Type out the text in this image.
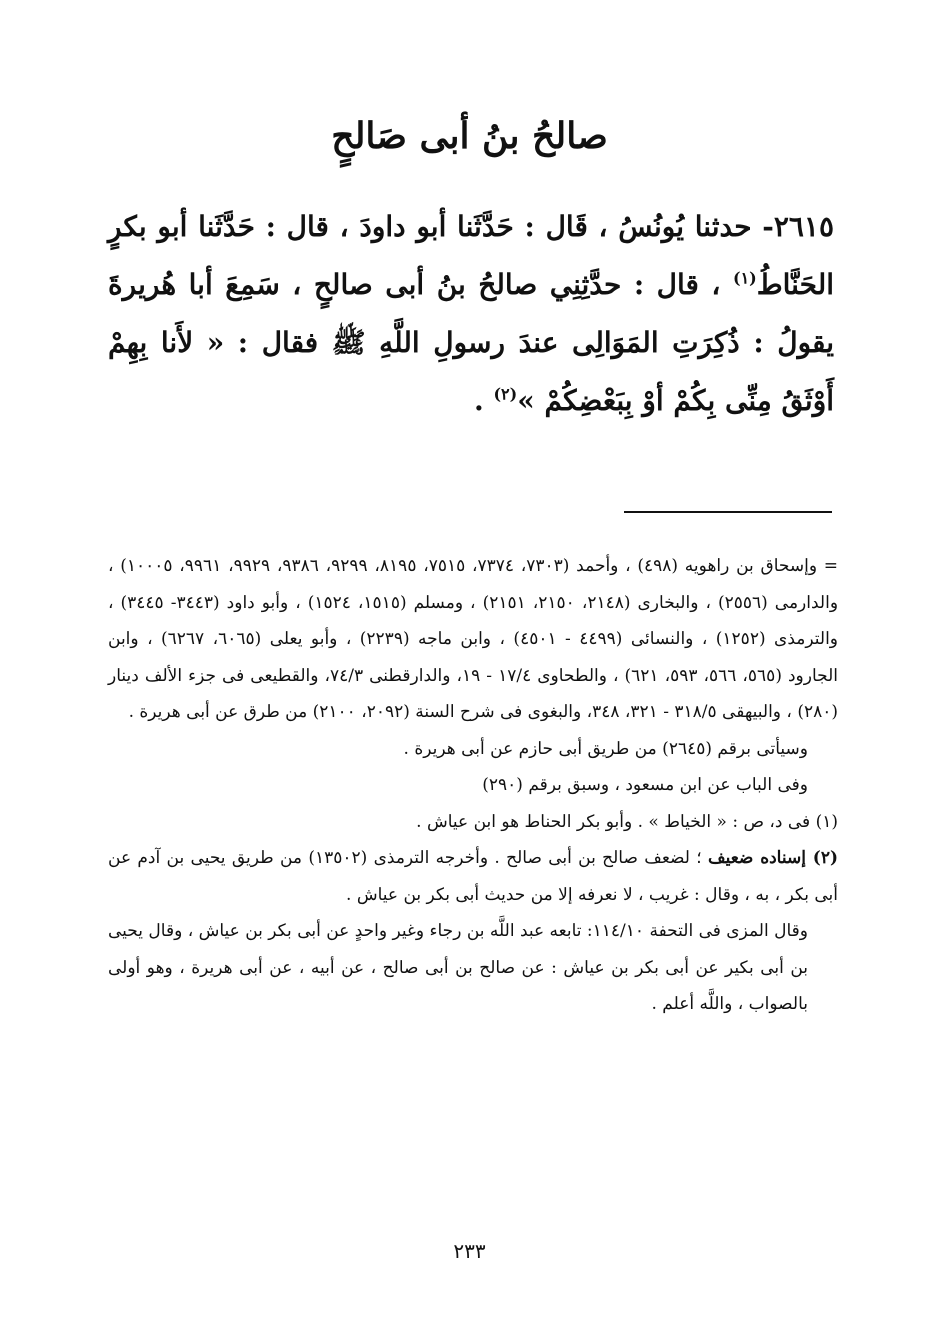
صالحُ بنُ أبى صَالحٍ
٢٦١٥- حدثنا يُونُسُ ، قَال : حَدَّثَنا أبو داودَ ، قال : حَدَّثَنا أبو بكرٍ الحَنَّاطُ$^{(١)}$ ، قال : حدَّثِنِي صالحُ بنُ أبى صالحٍ ، سَمِعَ أبا هُريرةَ يقولُ : ذُكِرَتِ المَوَالِى عندَ رسولِ اللَّهِ ﷺ فقال : « لأَنا بِهِمْ أَوْثَقُ مِنِّى بِكُمْ أوْ بِبَعْضِكُمْ »$^{(٢)}$ .

= وإسحاق بن راهويه (٤٩٨) ، وأحمد (٧٣٠٣، ٧٣٧٤، ٧٥١٥، ٨١٩٥، ٩٢٩٩، ٩٣٨٦، ٩٩٢٩، ٩٩٦١، ١٠٠٠٥) ، والدارمى (٢٥٥٦) ، والبخارى (٢١٤٨، ٢١٥٠، ٢١٥١) ، ومسلم (١٥١٥، ١٥٢٤) ، وأبو داود (٣٤٤٣- ٣٤٤٥) ، والترمذى (١٢٥٢) ، والنسائى (٤٤٩٩ - ٤٥٠١) ، وابن ماجه (٢٢٣٩) ، وأبو يعلى (٦٠٦٥، ٦٢٦٧) ، وابن الجارود (٥٦٥، ٥٦٦، ٥٩٣، ٦٢١) ، والطحاوى ١٧/٤ - ١٩، والدارقطنى ٧٤/٣، والقطيعى فى جزء الألف دينار (٢٨٠) ، والبيهقى ٣١٨/٥ - ٣٢١، ٣٤٨، والبغوى فى شرح السنة (٢٠٩٢، ٢١٠٠) من طرق عن أبى هريرة .

وسيأتى برقم (٢٦٤٥) من طريق أبى حازم عن أبى هريرة .

وفى الباب عن ابن مسعود ، وسبق برقم (٢٩٠)

(١) فى د، ص : « الخياط » . وأبو بكر الحناط هو ابن عياش .

(٢) إسناده ضعيف ؛ لضعف صالح بن أبى صالح . وأخرجه الترمذى (١٣٥٠٢) من طريق يحيى بن آدم عن أبى بكر ، به ، وقال : غريب ، لا نعرفه إلا من حديث أبى بكر بن عياش .

وقال المزى فى التحفة ١١٤/١٠: تابعه عبد اللَّه بن رجاء وغير واحدٍ عن أبى بكر بن عياش ، وقال يحيى بن أبى بكير عن أبى بكر بن عياش : عن صالح بن أبى صالح ، عن أبيه ، عن أبى هريرة ، وهو أولى بالصواب ، واللَّه أعلم .

٢٣٣
